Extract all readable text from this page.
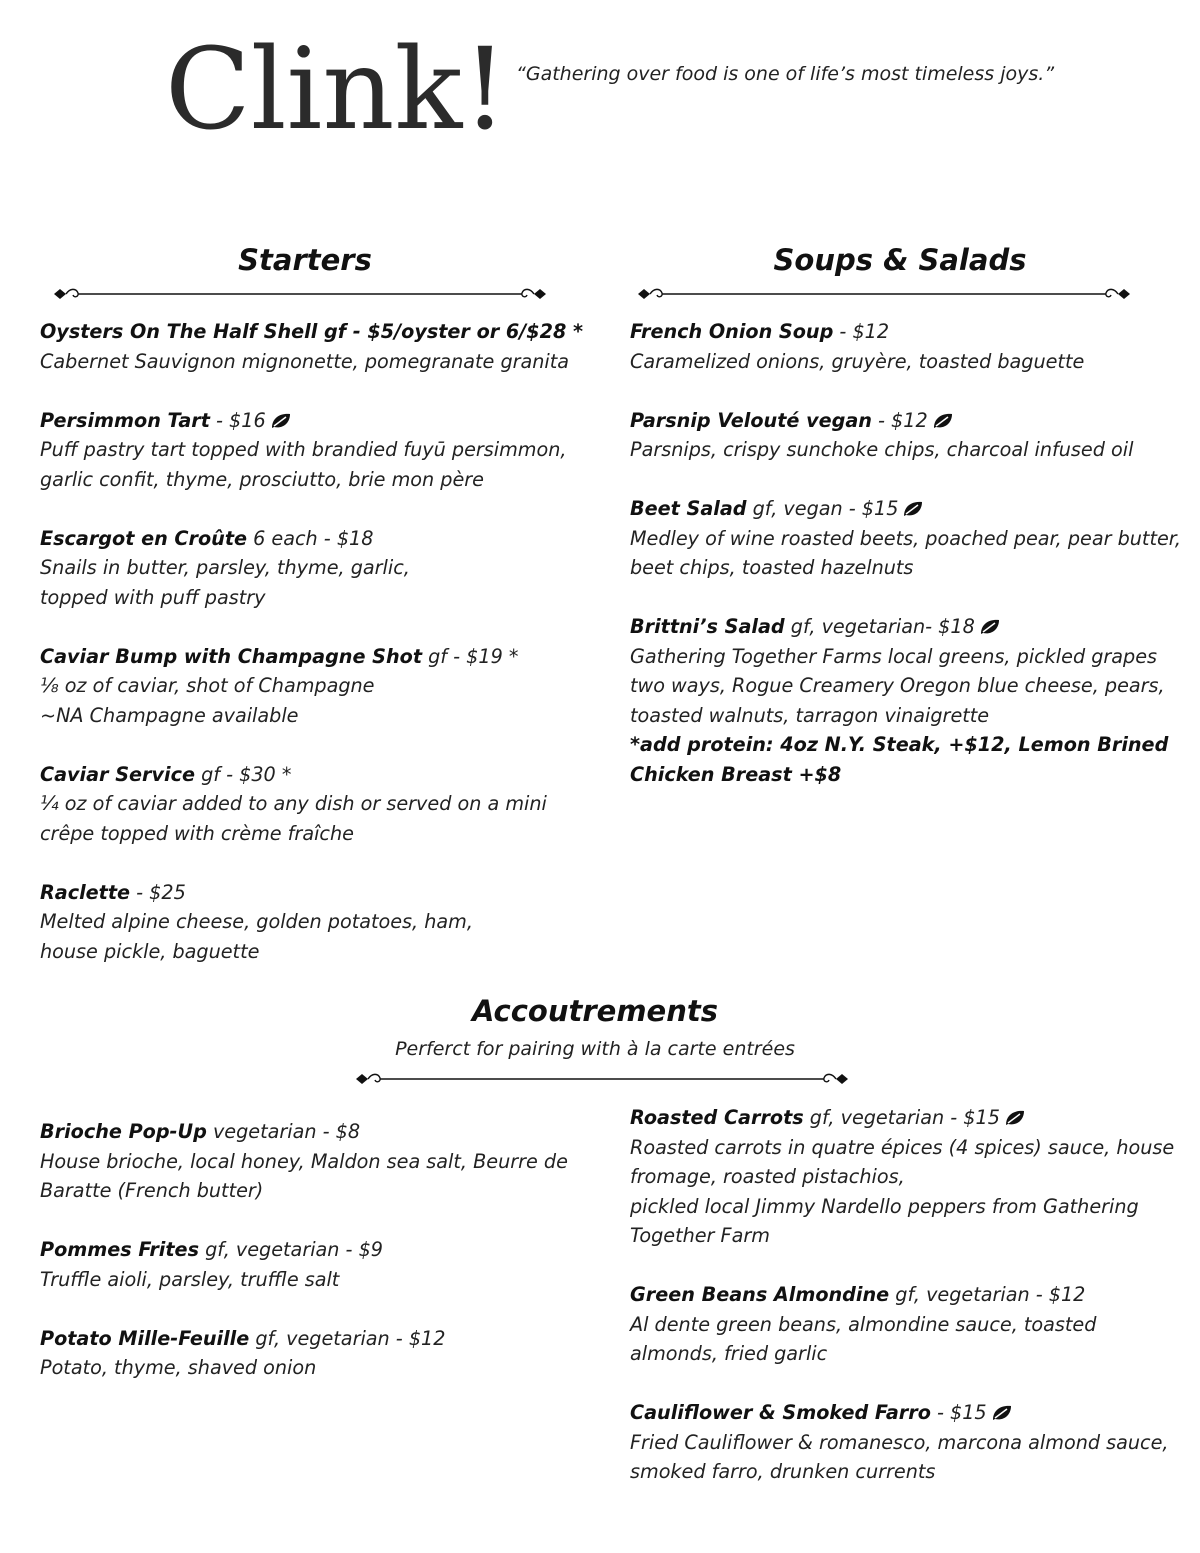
Clink! “Gathering over food is one of life’s most timeless joys.”
Starters	Soups & Salads
Oysters On The Half Shell gf - $5/oyster or 6/$28 *
Cabernet Sauvignon mignonette, pomegranate granita
Persimmon Tart - $16
Puff pastry tart topped with brandied fuyū persimmon,
garlic confit, thyme, prosciutto, brie mon père
Escargot en Croûte 6 each - $18
Snails in butter, parsley, thyme, garlic,
topped with puff pastry
Caviar Bump with Champagne Shot gf - $19 *
⅛ oz of caviar, shot of Champagne
~NA Champagne available
Caviar Service gf - $30 *
¼ oz of caviar added to any dish or served on a mini
crêpe topped with crème fraîche
Raclette - $25
Melted alpine cheese, golden potatoes, ham,
house pickle, baguette
French Onion Soup - $12
Caramelized onions, gruyère, toasted baguette
Parsnip Velouté vegan - $12
Parsnips, crispy sunchoke chips, charcoal infused oil
Beet Salad gf, vegan - $15
Medley of wine roasted beets, poached pear, pear butter,
beet chips, toasted hazelnuts
Brittni’s Salad gf, vegetarian- $18
Gathering Together Farms local greens, pickled grapes
two ways, Rogue Creamery Oregon blue cheese, pears,
toasted walnuts, tarragon vinaigrette
*add protein: 4oz N.Y. Steak, +$12, Lemon Brined
Chicken Breast +$8
Accoutrements
Perferct for pairing with à la carte entrées
Brioche Pop-Up vegetarian - $8
House brioche, local honey, Maldon sea salt, Beurre de
Baratte (French butter)
Pommes Frites gf, vegetarian - $9
Truffle aioli, parsley, truffle salt
Potato Mille-Feuille gf, vegetarian - $12
Potato, thyme, shaved onion
Roasted Carrots gf, vegetarian - $15
Roasted carrots in quatre épices (4 spices) sauce, house
fromage, roasted pistachios,
pickled local Jimmy Nardello peppers from Gathering
Together Farm
Green Beans Almondine gf, vegetarian - $12
Al dente green beans, almondine sauce, toasted
almonds, fried garlic
Cauliflower & Smoked Farro - $15
Fried Cauliflower & romanesco, marcona almond sauce,
smoked farro, drunken currents
